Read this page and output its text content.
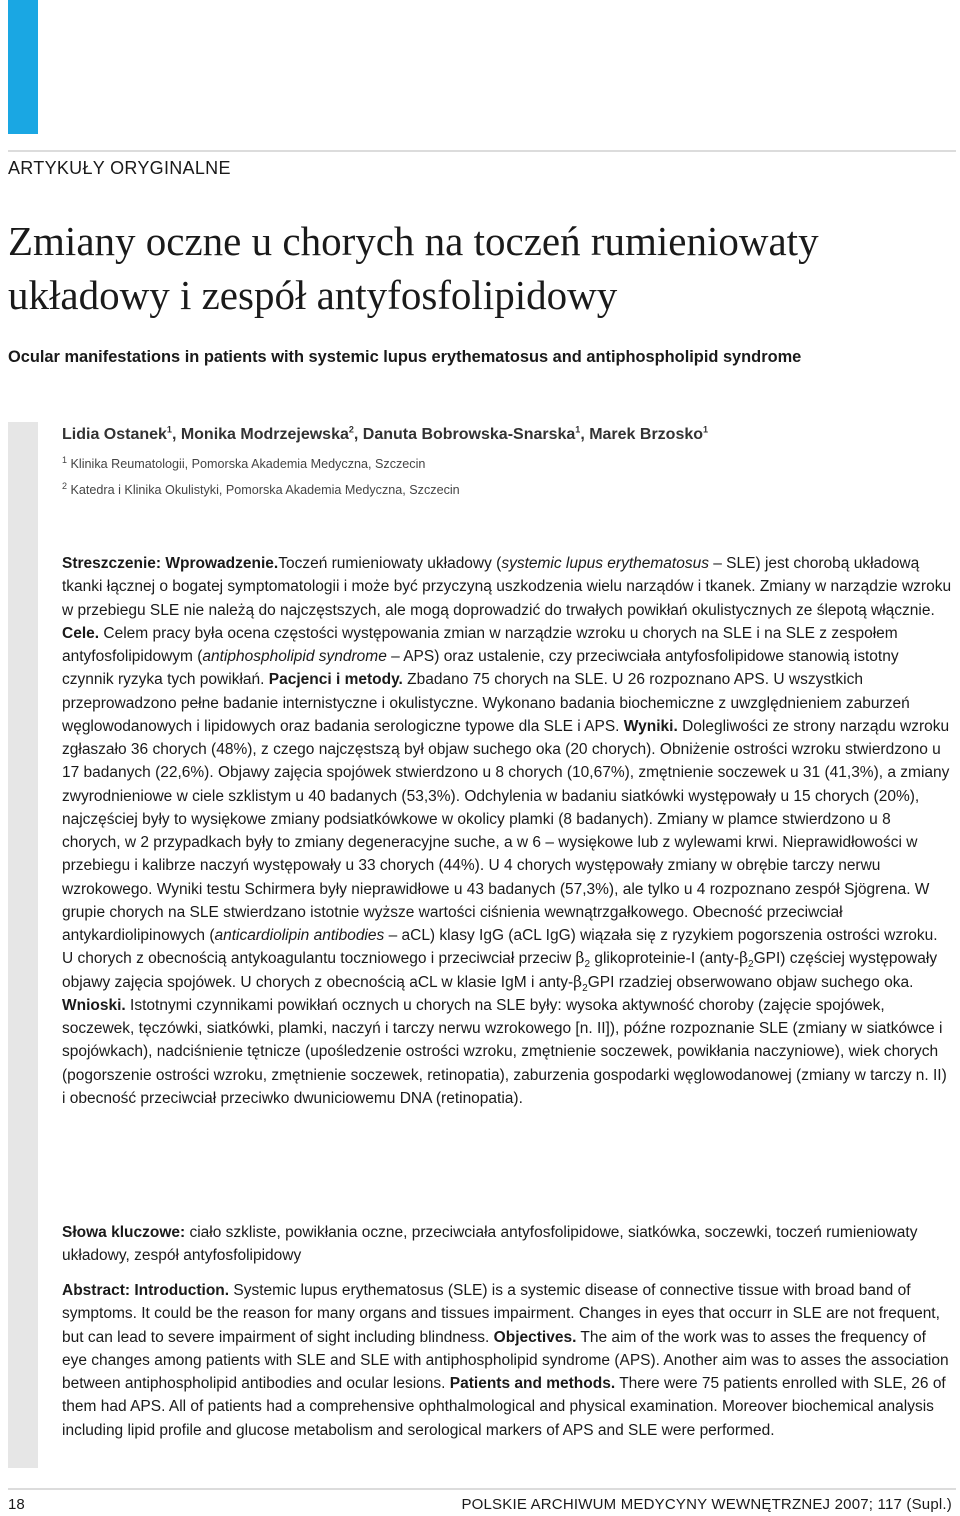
ARTYKUŁY ORYGINALNE
Zmiany oczne u chorych na toczeń rumieniowaty
układowy i zespół antyfosfolipidowy

Ocular manifestations in patients with systemic lupus erythematosus and antiphospholipid syndrome

Lidia Ostanek$^1$, Monika Modrzejewska$^2$, Danuta Bobrowska-Snarska$^1$, Marek Brzosko$^1$
$^1$ Klinika Reumatologii, Pomorska Akademia Medyczna, Szczecin
$^2$ Katedra i Klinika Okulistyki, Pomorska Akademia Medyczna, Szczecin

Streszczenie: Wprowadzenie.Toczeń rumieniowaty układowy (systemic lupus erythematosus – SLE) jest chorobą układową tkanki łącznej o bogatej symptomatologii i może być przyczyną uszkodzenia wielu narządów i tkanek. Zmiany w narządzie wzroku w przebiegu SLE nie należą do najczęstszych, ale mogą doprowadzić do trwałych powikłań okulistycznych ze ślepotą włącznie. Cele. Celem pracy była ocena częstości występowania zmian w narządzie wzroku u chorych na SLE i na SLE z zespołem antyfosfolipidowym (antiphospholipid syndrome – APS) oraz ustalenie, czy przeciwciała antyfosfolipidowe stanowią istotny czynnik ryzyka tych powikłań. Pacjenci i metody. Zbadano 75 chorych na SLE. U 26 rozpoznano APS. U wszystkich przeprowadzono pełne badanie internistyczne i okulistyczne. Wykonano badania biochemiczne z uwzględnieniem zaburzeń węglowodanowych i lipidowych oraz badania serologiczne typowe dla SLE i APS. Wyniki. Dolegliwości ze strony narządu wzroku zgłaszało 36 chorych (48%), z czego najczęstszą był objaw suchego oka (20 chorych). Obniżenie ostrości wzroku stwierdzono u 17 badanych (22,6%). Objawy zajęcia spojówek stwierdzono u 8 chorych (10,67%), zmętnienie soczewek u 31 (41,3%), a zmiany zwyrodnieniowe w ciele szklistym u 40 badanych (53,3%). Odchylenia w badaniu siatkówki występowały u 15 chorych (20%), najczęściej były to wysiękowe zmiany podsiatkówkowe w okolicy plamki (8 badanych). Zmiany w plamce stwierdzono u 8 chorych, w 2 przypadkach były to zmiany degeneracyjne suche, a w 6 – wysiękowe lub z wylewami krwi. Nieprawidłowości w przebiegu i kalibrze naczyń występowały u 33 chorych (44%). U 4 chorych występowały zmiany w obrębie tarczy nerwu wzrokowego. Wyniki testu Schirmera były nieprawidłowe u 43 badanych (57,3%), ale tylko u 4 rozpoznano zespół Sjögrena. W grupie chorych na SLE stwierdzano istotnie wyższe wartości ciśnienia wewnątrzgałkowego. Obecność przeciwciał antykardiolipinowych (anticardiolipin antibodies – aCL) klasy IgG (aCL IgG) wiązała się z ryzykiem pogorszenia ostrości wzroku. U chorych z obecnością antykoagulantu toczniowego i przeciwciał przeciw $\beta_2$ glikoproteinie-I $(anty-\beta_2GPI)$ częściej występowały objawy zajęcia spojówek. U chorych z obecnością aCL w klasie IgM i anty-$\beta_2GPI$ rzadziej obserwowano objaw suchego oka. Wnioski. Istotnymi czynnikami powikłań ocznych u chorych na SLE były: wysoka aktywność choroby (zajęcie spojówek, soczewek, tęczówki, siatkówki, plamki, naczyń i tarczy nerwu wzrokowego [n. II]), późne rozpoznanie SLE (zmiany w siatkówce i spojówkach), nadciśnienie tętnicze (upośledzenie ostrości wzroku, zmętnienie soczewek, powikłania naczyniowe), wiek chorych (pogorszenie ostrości wzroku, zmętnienie soczewek, retinopatia), zaburzenia gospodarki węglowodanowej (zmiany w tarczy n. II) i obecność przeciwciał przeciwko dwuniciowemu DNA (retinopatia).

Słowa kluczowe: ciało szkliste, powikłania oczne, przeciwciała antyfosfolipidowe, siatkówka, soczewki, toczeń rumieniowaty układowy, zespół antyfosfolipidowy

Abstract: Introduction. Systemic lupus erythematosus (SLE) is a systemic disease of connective tissue with broad band of symptoms. It could be the reason for many organs and tissues impairment. Changes in eyes that occurr in SLE are not frequent, but can lead to severe impairment of sight including blindness. Objectives. The aim of the work was to asses the frequency of eye changes among patients with SLE and SLE with antiphospholipid syndrome (APS). Another aim was to asses the association between antiphospholipid antibodies and ocular lesions. Patients and methods. There were 75 patients enrolled with SLE, 26 of them had APS. All of patients had a comprehensive ophthalmological and physical examination. Moreover biochemical analysis including lipid profile and glucose metabolism and serological markers of APS and SLE were performed.

18	POLSKIE ARCHIWUM MEDYCYNY WEWNĘTRZNEJ 2007; 117 (Supl.)
